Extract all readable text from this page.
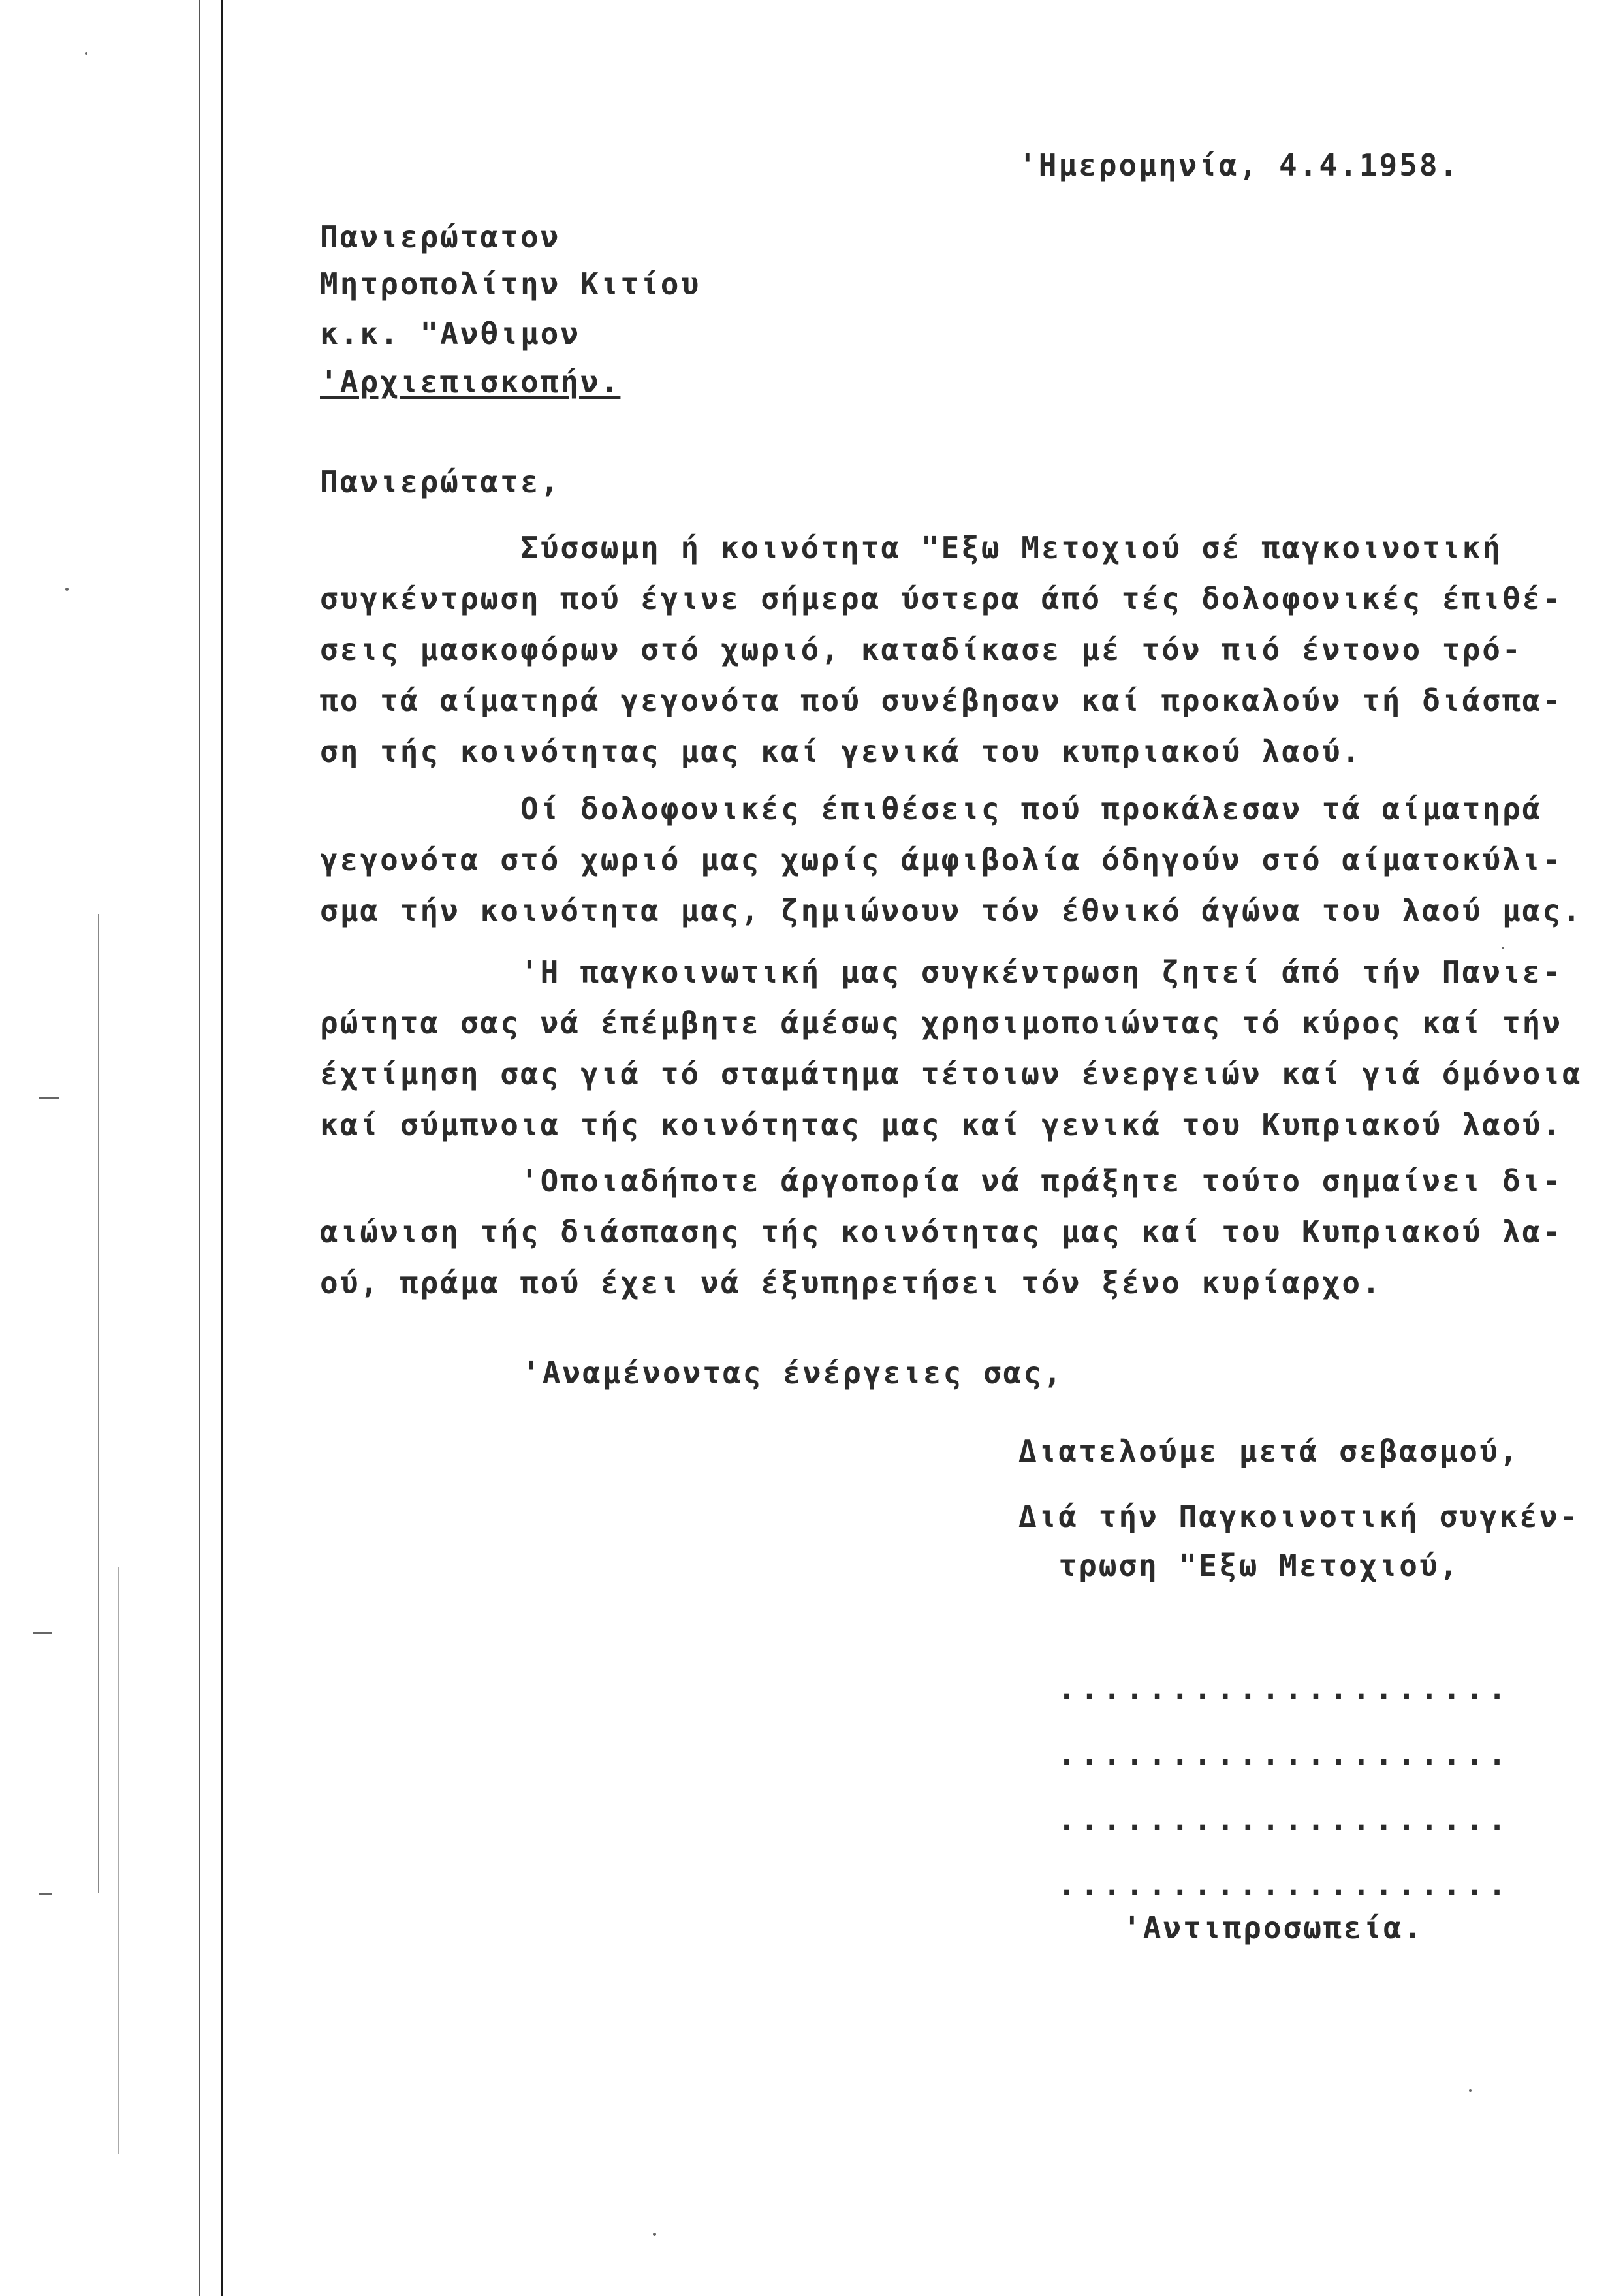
'Ημερομηνία, 4.4.1958.
Πανιερώτατον
Μητροπολίτην Κιτίου
κ.κ. "Ανθιμον
'Αρχιεπισκοπήν.
Πανιερώτατε,
Σύσσωμη ή κοινότητα "Εξω Μετοχιού σέ παγκοινοτική
συγκέντρωση πού έγινε σήμερα ύστερα άπό τές δολοφονικές έπιθέ-
σεις μασκοφόρων στό χωριό, καταδίκασε μέ τόν πιό έντονο τρό-
πο τά αίματηρά γεγονότα πού συνέβησαν καί προκαλούν τή διάσπα-
ση τής κοινότητας μας καί γενικά του κυπριακού λαού.
Οί δολοφονικές έπιθέσεις πού προκάλεσαν τά αίματηρά
γεγονότα στό χωριό μας χωρίς άμφιβολία όδηγούν στό αίματοκύλι-
σμα τήν κοινότητα μας, ζημιώνουν τόν έθνικό άγώνα του λαού μας.
'Η παγκοινωτική μας συγκέντρωση ζητεί άπό τήν Πανιε-
ρώτητα σας νά έπέμβητε άμέσως χρησιμοποιώντας τό κύρος καί τήν
έχτίμηση σας γιά τό σταμάτημα τέτοιων ένεργειών καί γιά όμόνοια
καί σύμπνοια τής κοινότητας μας καί γενικά του Κυπριακού λαού.
'Οποιαδήποτε άργοπορία νά πράξητε τούτο σημαίνει δι-
αιώνιση τής διάσπασης τής κοινότητας μας καί του Κυπριακού λα-
ού, πράμα πού έχει νά έξυπηρετήσει τόν ξένο κυρίαρχο.
'Αναμένοντας ένέργειες σας,
Διατελούμε μετά σεβασμού,
Διά τήν Παγκοινοτική συγκέν-
τρωση "Εξω Μετοχιού,
....................
....................
....................
....................
'Αντιπροσωπεία.
